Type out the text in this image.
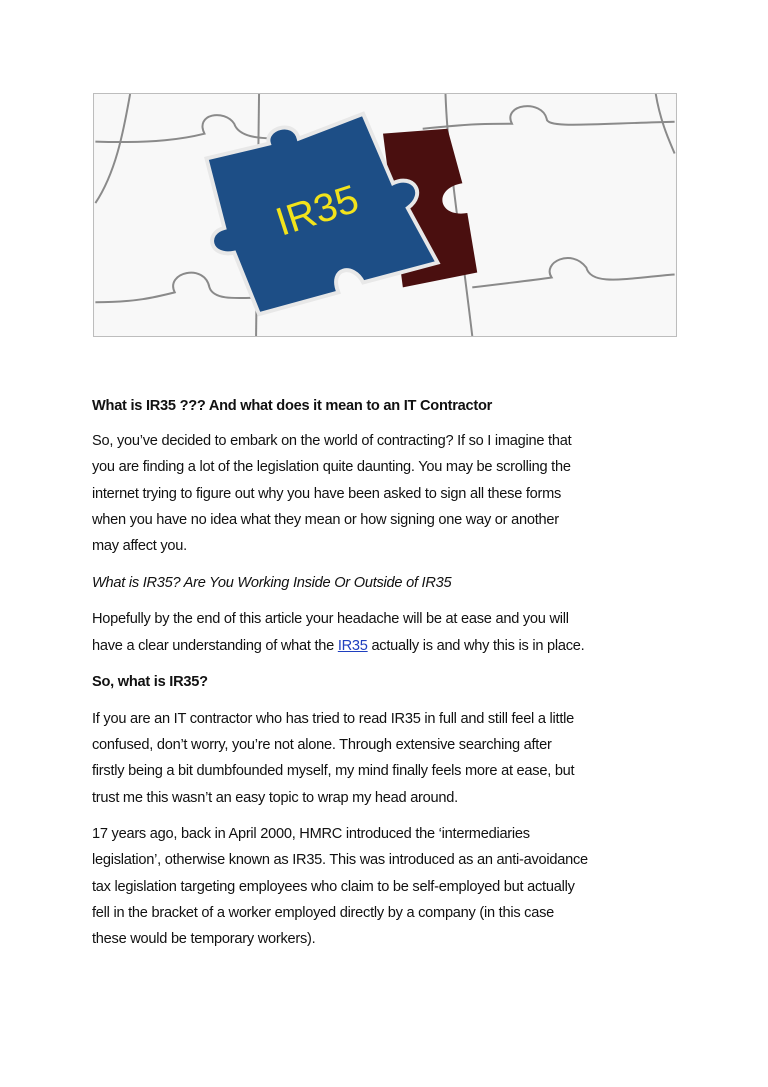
IR35
What is IR35 ??? And what does it mean to an IT Contractor
So, you’ve decided to embark on the world of contracting? If so I imagine that
you are finding a lot of the legislation quite daunting. You may be scrolling the
internet trying to figure out why you have been asked to sign all these forms
when you have no idea what they mean or how signing one way or another
may affect you.
What is IR35? Are You Working Inside Or Outside of IR35
Hopefully by the end of this article your headache will be at ease and you will
have a clear understanding of what the IR35 actually is and why this is in place.
So, what is IR35?
If you are an IT contractor who has tried to read IR35 in full and still feel a little
confused, don’t worry, you’re not alone. Through extensive searching after
firstly being a bit dumbfounded myself, my mind finally feels more at ease, but
trust me this wasn’t an easy topic to wrap my head around.
17 years ago, back in April 2000, HMRC introduced the ‘intermediaries
legislation’, otherwise known as IR35. This was introduced as an anti-avoidance
tax legislation targeting employees who claim to be self-employed but actually
fell in the bracket of a worker employed directly by a company (in this case
these would be temporary workers).
